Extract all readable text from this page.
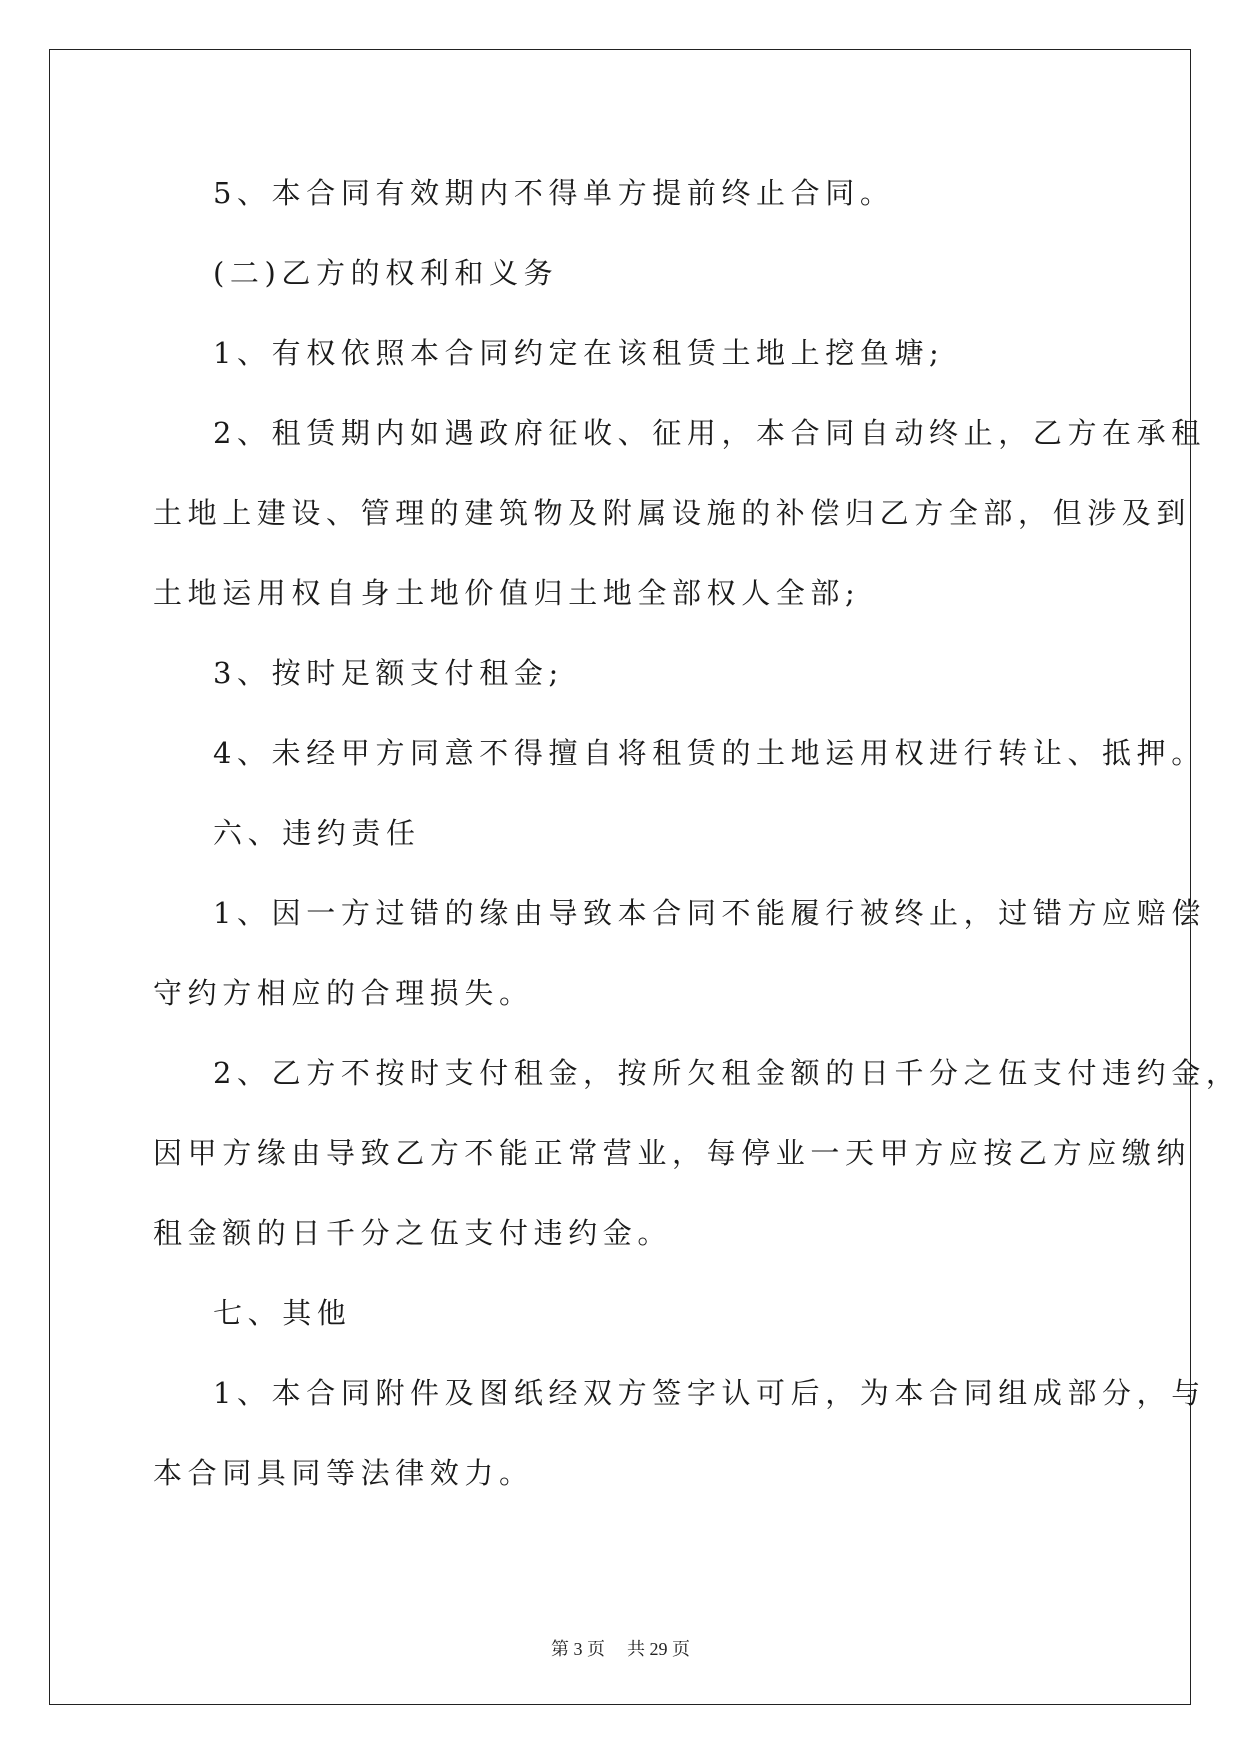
5、本合同有效期内不得单方提前终止合同。
(二)乙方的权利和义务
1、有权依照本合同约定在该租赁土地上挖鱼塘;
2、租赁期内如遇政府征收、征用，本合同自动终止，乙方在承租
土地上建设、管理的建筑物及附属设施的补偿归乙方全部，但涉及到
土地运用权自身土地价值归土地全部权人全部;
3、按时足额支付租金;
4、未经甲方同意不得擅自将租赁的土地运用权进行转让、抵押。
六、违约责任
1、因一方过错的缘由导致本合同不能履行被终止，过错方应赔偿
守约方相应的合理损失。
2、乙方不按时支付租金，按所欠租金额的日千分之伍支付违约金，
因甲方缘由导致乙方不能正常营业，每停业一天甲方应按乙方应缴纳
租金额的日千分之伍支付违约金。
七、其他
1、本合同附件及图纸经双方签字认可后，为本合同组成部分，与
本合同具同等法律效力。
第 3 页 共 29 页
